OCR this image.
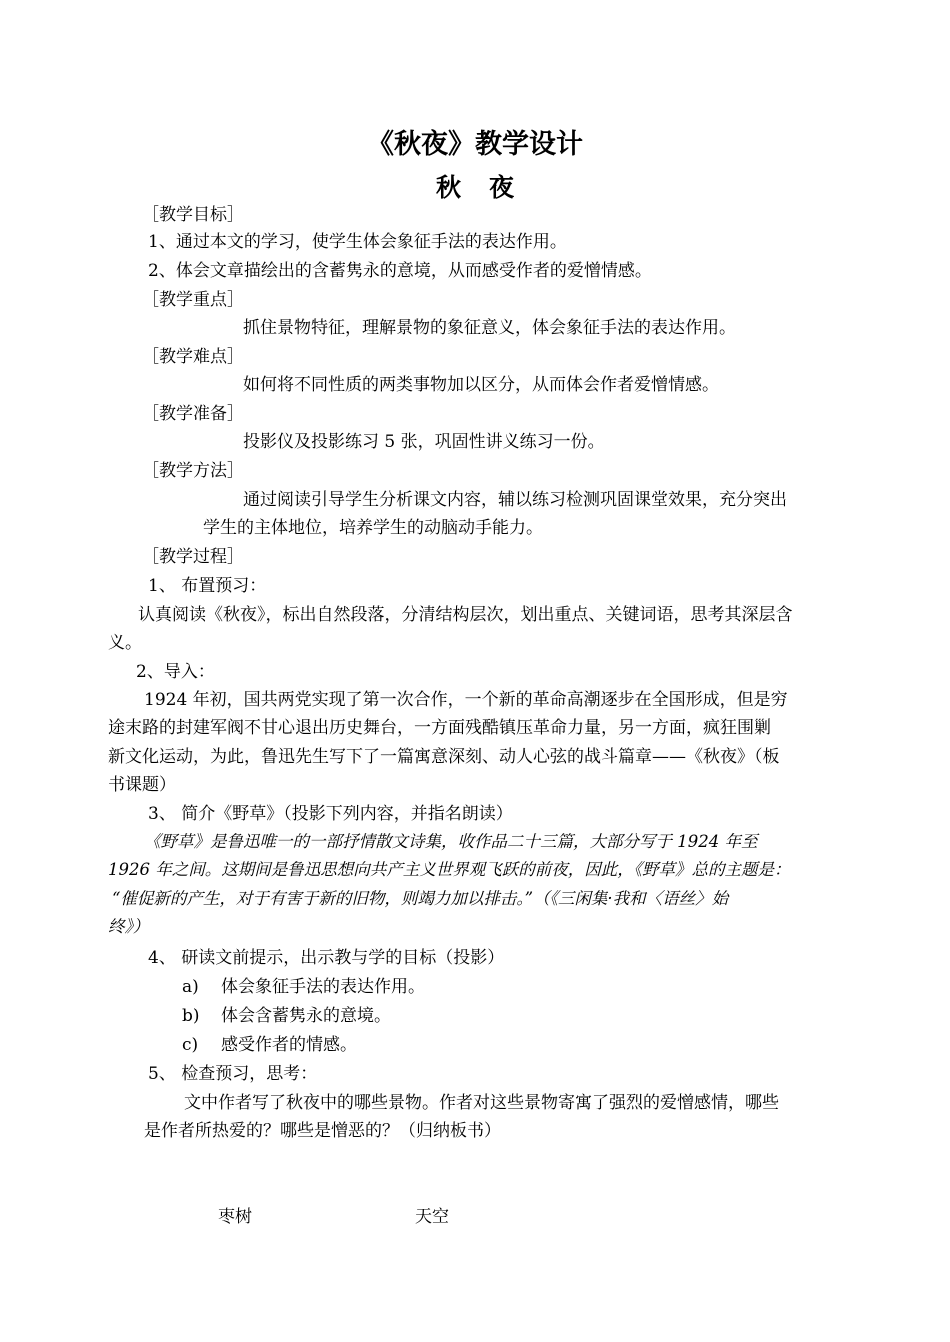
《秋夜》教学设计
秋夜
［教学目标］
1、通过本文的学习，使学生体会象征手法的表达作用。
2、体会文章描绘出的含蓄隽永的意境，从而感受作者的爱憎情感。
［教学重点］
抓住景物特征，理解景物的象征意义，体会象征手法的表达作用。
［教学难点］
如何将不同性质的两类事物加以区分，从而体会作者爱憎情感。
［教学准备］
投影仪及投影练习 5 张，巩固性讲义练习一份。
［教学方法］
通过阅读引导学生分析课文内容，辅以练习检测巩固课堂效果，充分突出
学生的主体地位，培养学生的动脑动手能力。
［教学过程］
1、 布置预习：
认真阅读《秋夜》，标出自然段落，分清结构层次，划出重点、关键词语，思考其深层含
义。
2、导入：
1924 年初，国共两党实现了第一次合作，一个新的革命高潮逐步在全国形成，但是穷
途末路的封建军阀不甘心退出历史舞台，一方面残酷镇压革命力量，另一方面，疯狂围剿
新文化运动，为此，鲁迅先生写下了一篇寓意深刻、动人心弦的战斗篇章——《秋夜》（板
书课题）
3、 简介《野草》（投影下列内容，并指名朗读）
《野草》是鲁迅唯一的一部抒情散文诗集，收作品二十三篇，大部分写于 1924 年至
1926 年之间。这期间是鲁迅思想向共产主义世界观飞跃的前夜，因此，《野草》总的主题是：
“催促新的产生，对于有害于新的旧物，则竭力加以排击。”（《三闲集·我和〈语丝〉始
终》）
4、 研读文前提示，出示教与学的目标（投影）
a) 体会象征手法的表达作用。
b) 体会含蓄隽永的意境。
c) 感受作者的情感。
5、 检查预习，思考：
文中作者写了秋夜中的哪些景物。作者对这些景物寄寓了强烈的爱憎感情，哪些
是作者所热爱的？哪些是憎恶的？（归纳板书）
枣树	天空
